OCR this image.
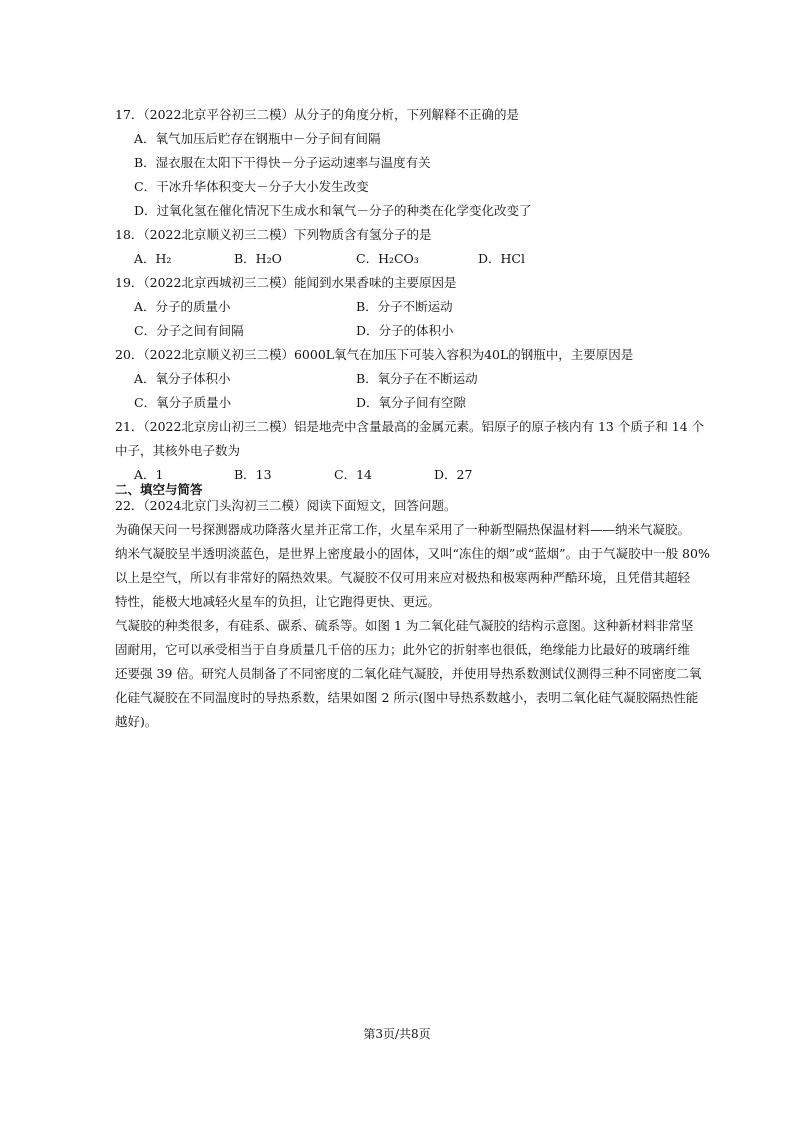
17．（2022北京平谷初三二模）从分子的角度分析，下列解释不正确的是
A．氧气加压后贮存在钢瓶中－分子间有间隔
B．湿衣服在太阳下干得快－分子运动速率与温度有关
C．干冰升华体积变大－分子大小发生改变
D．过氧化氢在催化情况下生成水和氧气－分子的种类在化学变化改变了
18．（2022北京顺义初三二模）下列物质含有氢分子的是
A．H₂	B．H₂O	C．H₂CO₃	D．HCl
19．（2022北京西城初三二模）能闻到水果香味的主要原因是
A．分子的质量小	B．分子不断运动
C．分子之间有间隔	D．分子的体积小
20．（2022北京顺义初三二模）6000L氧气在加压下可装入容积为40L的钢瓶中，主要原因是
A．氧分子体积小	B．氧分子在不断运动
C．氧分子质量小	D．氧分子间有空隙
21．（2022北京房山初三二模）铝是地壳中含量最高的金属元素。铝原子的原子核内有 13 个质子和 14 个
中子，其核外电子数为
A．1	B．13	C．14	D．27
二、填空与简答
22．（2024北京门头沟初三二模）阅读下面短文，回答问题。
为确保天问一号探测器成功降落火星并正常工作，火星车采用了一种新型隔热保温材料——纳米气凝胶。
纳米气凝胶呈半透明淡蓝色，是世界上密度最小的固体，又叫“冻住的烟”或“蓝烟”。由于气凝胶中一般 80%
以上是空气，所以有非常好的隔热效果。气凝胶不仅可用来应对极热和极寒两种严酷环境，且凭借其超轻
特性，能极大地减轻火星车的负担，让它跑得更快、更远。
气凝胶的种类很多，有硅系、碳系、硫系等。如图 1 为二氧化硅气凝胶的结构示意图。这种新材料非常坚
固耐用，它可以承受相当于自身质量几千倍的压力；此外它的折射率也很低，绝缘能力比最好的玻璃纤维
还要强 39 倍。研究人员制备了不同密度的二氧化硅气凝胶，并使用导热系数测试仪测得三种不同密度二氧
化硅气凝胶在不同温度时的导热系数，结果如图 2 所示(图中导热系数越小，表明二氧化硅气凝胶隔热性能
越好)。
第3页/共8页
